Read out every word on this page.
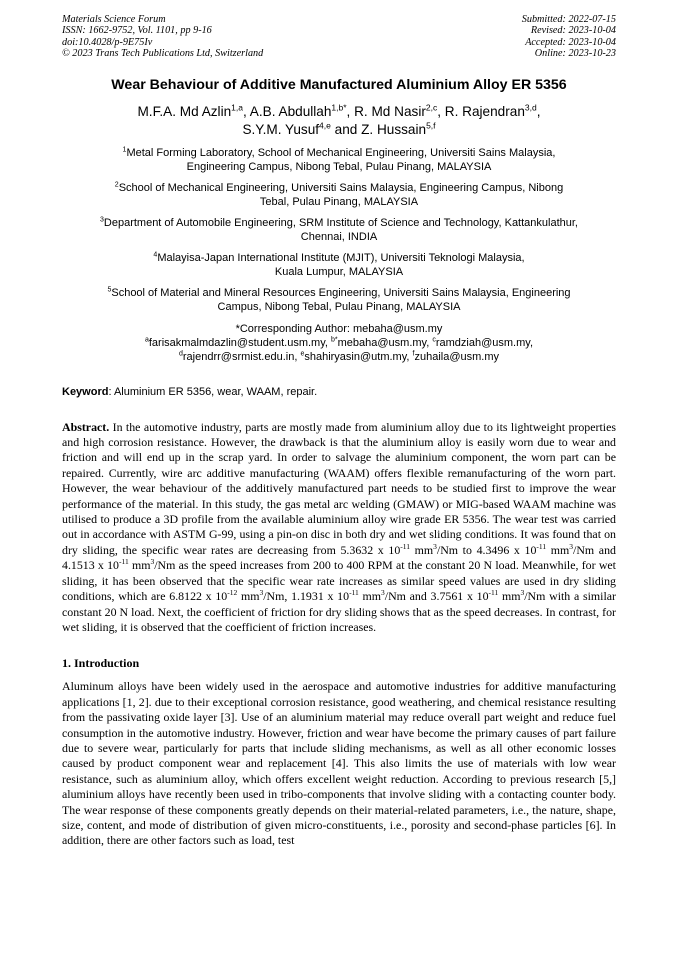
Materials Science Forum
ISSN: 1662-9752, Vol. 1101, pp 9-16
doi:10.4028/p-9E75Iv
© 2023 Trans Tech Publications Ltd, Switzerland
Submitted: 2022-07-15
Revised: 2023-10-04
Accepted: 2023-10-04
Online: 2023-10-23
Wear Behaviour of Additive Manufactured Aluminium Alloy ER 5356
M.F.A. Md Azlin$^{1,a}$, A.B. Abdullah$^{1,b*}$, R. Md Nasir$^{2,c}$, R. Rajendran$^{3,d}$,
S.Y.M. Yusuf$^{4,e}$ and Z. Hussain$^{5,f}$
$^1$Metal Forming Laboratory, School of Mechanical Engineering, Universiti Sains Malaysia,
Engineering Campus, Nibong Tebal, Pulau Pinang, MALAYSIA
$^2$School of Mechanical Engineering, Universiti Sains Malaysia, Engineering Campus, Nibong
Tebal, Pulau Pinang, MALAYSIA
$^3$Department of Automobile Engineering, SRM Institute of Science and Technology, Kattankulathur,
Chennai, INDIA
$^4$Malayisa-Japan International Institute (MJIT), Universiti Teknologi Malaysia,
Kuala Lumpur, MALAYSIA
$^5$School of Material and Mineral Resources Engineering, Universiti Sains Malaysia, Engineering
Campus, Nibong Tebal, Pulau Pinang, MALAYSIA
*Corresponding Author: mebaha@usm.my
$^a$farisakmalmdazlin@student.usm.my, $^{b*}$mebaha@usm.my, $^c$ramdziah@usm.my,
$^d$rajendrr@srmist.edu.in, $^e$shahiryasin@utm.my, $^f$zuhaila@usm.my
Keyword: Aluminium ER 5356, wear, WAAM, repair.
Abstract. In the automotive industry, parts are mostly made from aluminium alloy due to its lightweight properties and high corrosion resistance. However, the drawback is that the aluminium alloy is easily worn due to wear and friction and will end up in the scrap yard. In order to salvage the aluminium component, the worn part can be repaired. Currently, wire arc additive manufacturing (WAAM) offers flexible remanufacturing of the worn part. However, the wear behaviour of the additively manufactured part needs to be studied first to improve the wear performance of the material. In this study, the gas metal arc welding (GMAW) or MIG-based WAAM machine was utilised to produce a 3D profile from the available aluminium alloy wire grade ER 5356. The wear test was carried out in accordance with ASTM G-99, using a pin-on disc in both dry and wet sliding conditions. It was found that on dry sliding, the specific wear rates are decreasing from 5.3632 x $10^{-11}$ $mm^3/Nm$ to 4.3496 x $10^{-11}$ $mm^3/Nm$ and 4.1513 x $10^{-11}$ $mm^3/Nm$ as the speed increases from 200 to 400 RPM at the constant 20 N load. Meanwhile, for wet sliding, it has been observed that the specific wear rate increases as similar speed values are used in dry sliding conditions, which are 6.8122 x $10^{-12}$ $mm^3/Nm$, 1.1931 x $10^{-11}$ $mm^3/Nm$ and 3.7561 x $10^{-11}$ $mm^3/Nm$ with a similar constant 20 N load. Next, the coefficient of friction for dry sliding shows that as the speed decreases. In contrast, for wet sliding, it is observed that the coefficient of friction increases.
1. Introduction
Aluminum alloys have been widely used in the aerospace and automotive industries for additive manufacturing applications [1, 2]. due to their exceptional corrosion resistance, good weathering, and chemical resistance resulting from the passivating oxide layer [3]. Use of an aluminium material may reduce overall part weight and reduce fuel consumption in the automotive industry. However, friction and wear have become the primary causes of part failure due to severe wear, particularly for parts that include sliding mechanisms, as well as all other economic losses caused by product component wear and replacement [4]. This also limits the use of materials with low wear resistance, such as aluminium alloy, which offers excellent weight reduction. According to previous research [5,] aluminium alloys have recently been used in tribo-components that involve sliding with a contacting counter body. The wear response of these components greatly depends on their material-related parameters, i.e., the nature, shape, size, content, and mode of distribution of given micro-constituents, i.e., porosity and second-phase particles [6]. In addition, there are other factors such as load, test
